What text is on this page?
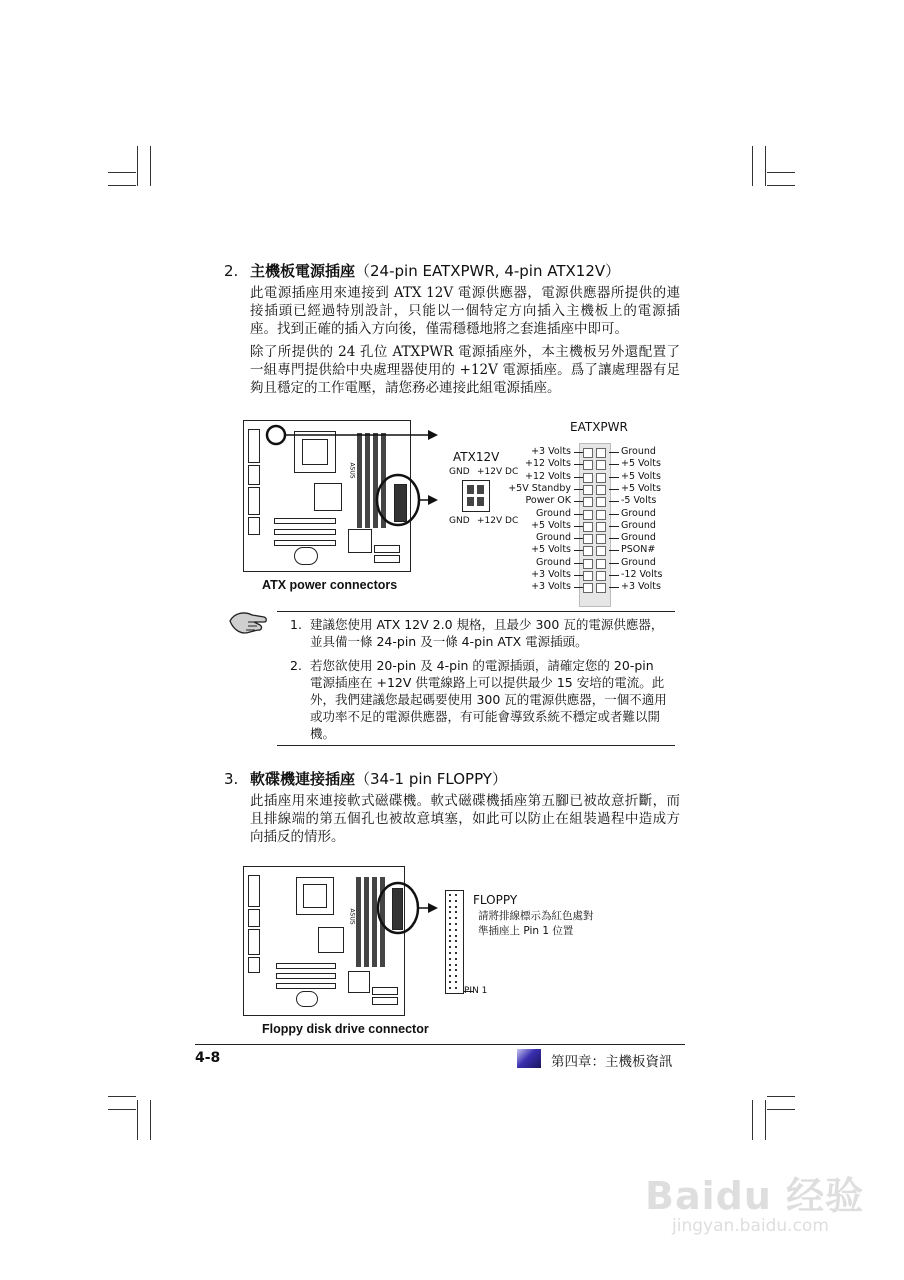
2. 主機板電源插座（24-pin EATXPWR, 4-pin ATX12V）
此電源插座用來連接到 ATX 12V 電源供應器，電源供應器所提供的連接插頭已經過特別設計，只能以一個特定方向插入主機板上的電源插座。找到正確的插入方向後，僅需穩穩地將之套進插座中即可。
除了所提供的 24 孔位 ATXPWR 電源插座外，本主機板另外還配置了一組專門提供給中央處理器使用的 +12V 電源插座。爲了讓處理器有足夠且穩定的工作電壓，請您務必連接此組電源插座。
ASUS
ATX12V
GND +12V DC
GND +12V DC
EATXPWR
+3 Volts	Ground
+12 Volts	+5 Volts
+12 Volts	+5 Volts
+5V Standby	+5 Volts
Power OK	-5 Volts
Ground	Ground
+5 Volts	Ground
Ground	Ground
+5 Volts	PSON#
Ground	Ground
+3 Volts	-12 Volts
+3 Volts	+3 Volts
ATX power connectors
1. 建議您使用 ATX 12V 2.0 規格，且最少 300 瓦的電源供應器，並具備一條 24-pin 及一條 4-pin ATX 電源插頭。
2. 若您欲使用 20-pin 及 4-pin 的電源插頭，請確定您的 20-pin 電源插座在 +12V 供電線路上可以提供最少 15 安培的電流。此外，我們建議您最起碼要使用 300 瓦的電源供應器，一個不適用或功率不足的電源供應器，有可能會導致系統不穩定或者難以開機。
3. 軟碟機連接插座（34-1 pin FLOPPY）
此插座用來連接軟式磁碟機。軟式磁碟機插座第五腳已被故意折斷，而且排線端的第五個孔也被故意填塞，如此可以防止在組裝過程中造成方向插反的情形。
ASUS
FLOPPY
請將排線標示為紅色處對
準插座上 Pin 1 位置
PIN 1
Floppy disk drive connector
4-8	第四章：主機板資訊
Baidu 经验
jingyan.baidu.com
